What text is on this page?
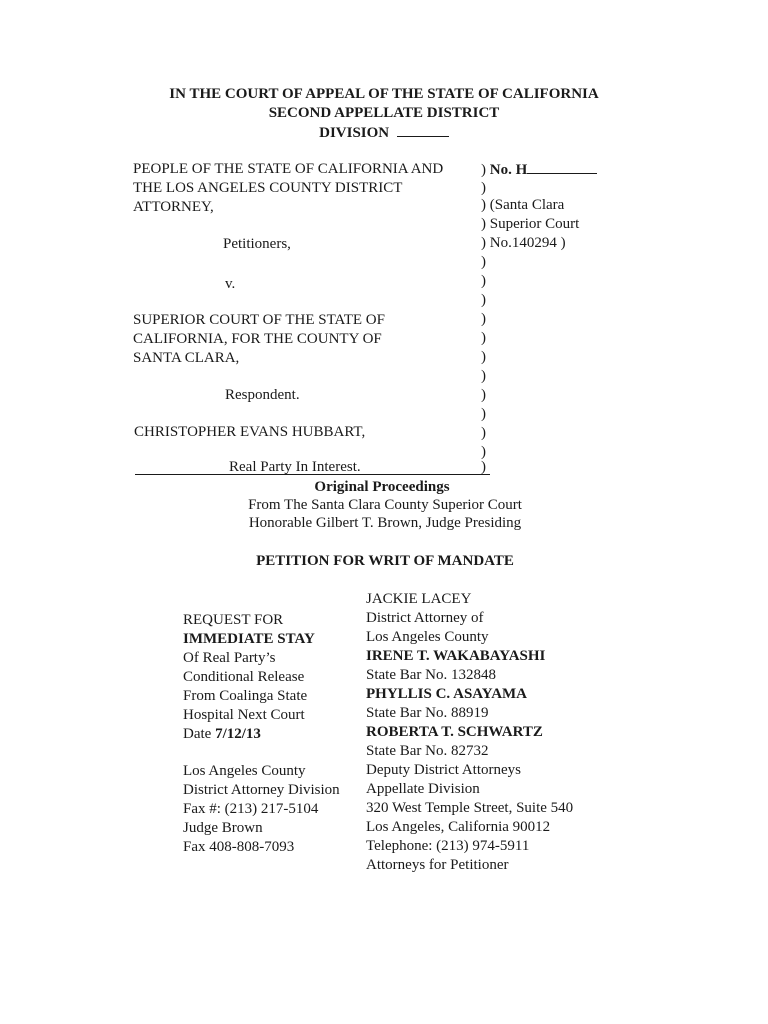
IN THE COURT OF APPEAL OF THE STATE OF CALIFORNIA
SECOND APPELLATE DISTRICT
DIVISION
PEOPLE OF THE STATE OF CALIFORNIA AND
THE LOS ANGELES COUNTY DISTRICT
ATTORNEY,
Petitioners,
v.
SUPERIOR COURT OF THE STATE OF
CALIFORNIA, FOR THE COUNTY OF
SANTA CLARA,
Respondent.
CHRISTOPHER EVANS HUBBART,
Real Party In Interest.
) No. H
)
) (Santa Clara
) Superior Court
) No.140294 )
)
)
)
)
)
)
)
)
)
)
)
)
Original Proceedings
From The Santa Clara County Superior Court
Honorable Gilbert T. Brown, Judge Presiding
PETITION FOR WRIT OF MANDATE
REQUEST FOR
IMMEDIATE STAY
Of Real Party’s
Conditional Release
From Coalinga State
Hospital Next Court
Date 7/12/13
Los Angeles County
District Attorney Division
Fax #: (213) 217-5104
Judge Brown
Fax 408-808-7093
JACKIE LACEY
District Attorney of
Los Angeles County
IRENE T. WAKABAYASHI
State Bar No. 132848
PHYLLIS C. ASAYAMA
State Bar No. 88919
ROBERTA T. SCHWARTZ
State Bar No. 82732
Deputy District Attorneys
Appellate Division
320 West Temple Street, Suite 540
Los Angeles, California 90012
Telephone: (213) 974-5911
Attorneys for Petitioner
